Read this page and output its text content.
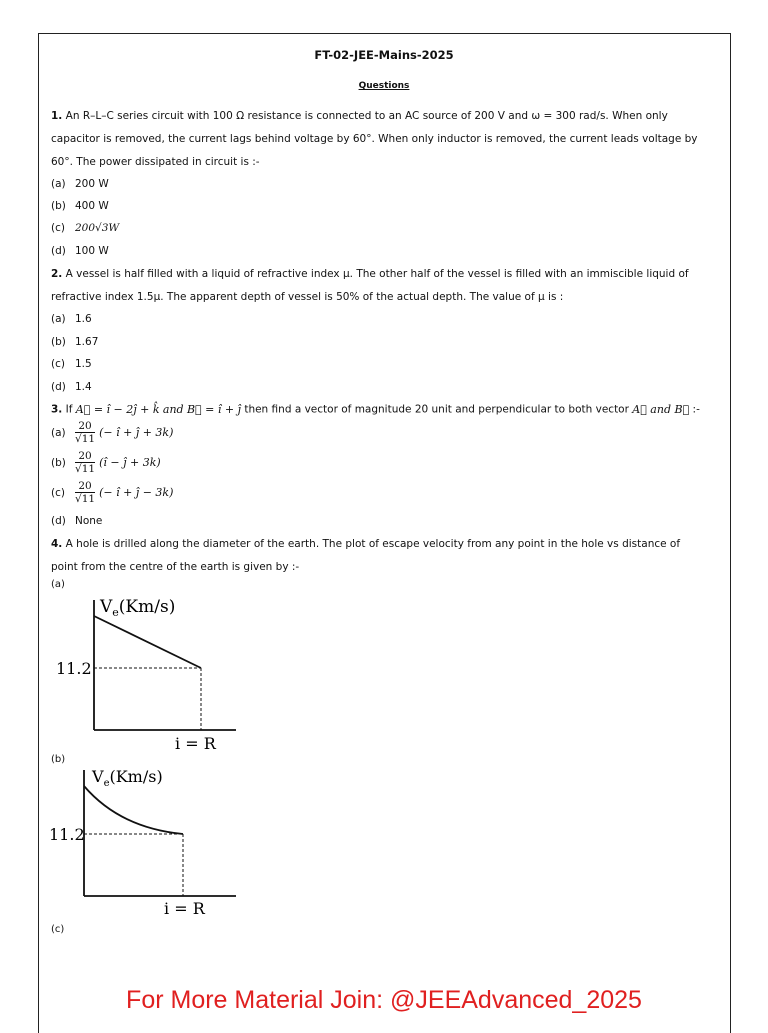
FT-02-JEE-Mains-2025
Questions
1. An R–L–C series circuit with 100 Ω resistance is connected to an AC source of 200 V and ω = 300 rad/s. When only
capacitor is removed, the current lags behind voltage by 60°. When only inductor is removed, the current leads voltage by
60°. The power dissipated in circuit is :-
(a) 200 W
(b) 400 W
(c) 200√3W
(d) 100 W
2. A vessel is half filled with a liquid of refractive index μ. The other half of the vessel is filled with an immiscible liquid of
refractive index 1.5μ. The apparent depth of vessel is 50% of the actual depth. The value of μ is :
(a) 1.6
(b) 1.67
(c) 1.5
(d) 1.4
3. If A⃗ = î − 2ĵ + k̂ and B⃗ = î + ĵ then find a vector of magnitude 20 unit and perpendicular to both vector A⃗ and B⃗ :-
$(a) \frac{20}{√11}$ (− î + ĵ + 3k)
$(b) \frac{20}{√11}$ (î − ĵ + 3k)
$(c) \frac{20}{√11}$ (− î + ĵ − 3k)
(d) None
4. A hole is drilled along the diameter of the earth. The plot of escape velocity from any point in the hole vs distance of
point from the centre of the earth is given by :-
(a)
$V_e(Km/s)$
11.2
i = R
(b)
$V_e(Km/s)$
11.2
i = R
(c)
For More Material Join: @JEEAdvanced_2025
